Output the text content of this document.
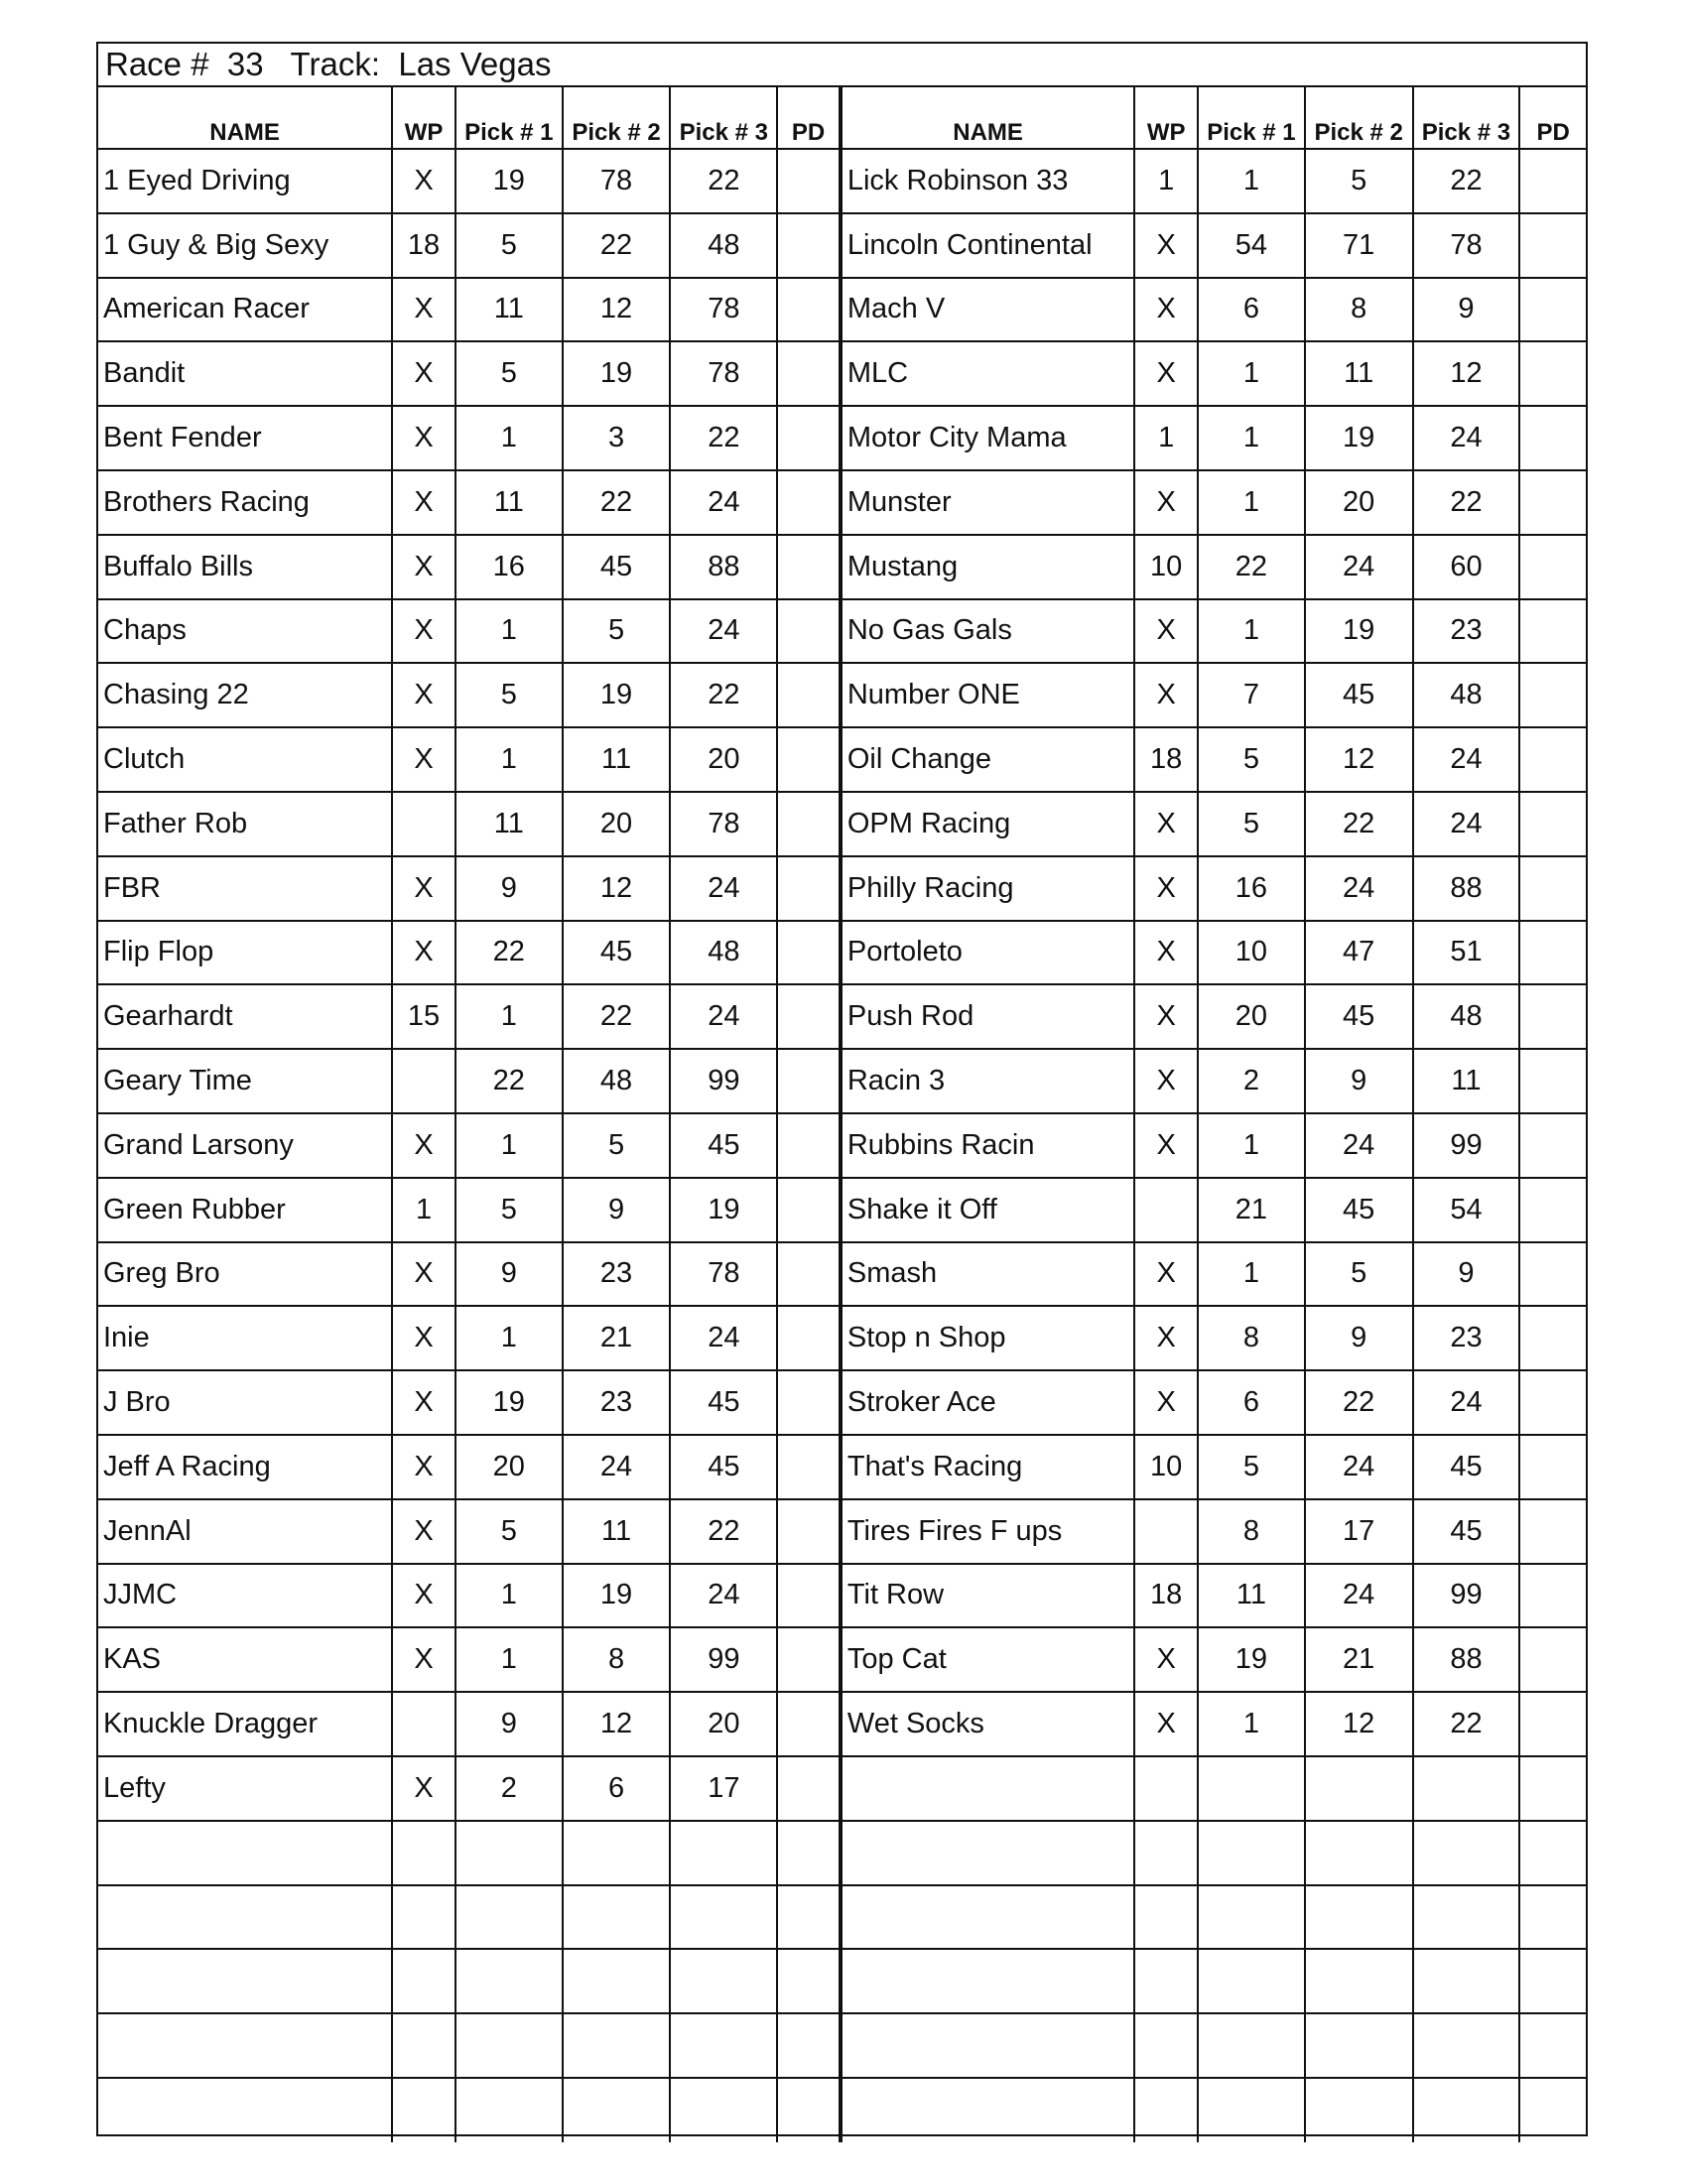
Race # 33 Track: Las Vegas
NAME	WP	Pick # 1	Pick # 2	Pick # 3	PD	NAME	WP	Pick # 1	Pick # 2	Pick # 3	PD
1 Eyed Driving	X	19	78	22		Lick Robinson 33	1	1	5	22	
1 Guy & Big Sexy	18	5	22	48		Lincoln Continental	X	54	71	78	
American Racer	X	11	12	78		Mach V	X	6	8	9	
Bandit	X	5	19	78		MLC	X	1	11	12	
Bent Fender	X	1	3	22		Motor City Mama	1	1	19	24	
Brothers Racing	X	11	22	24		Munster	X	1	20	22	
Buffalo Bills	X	16	45	88		Mustang	10	22	24	60	
Chaps	X	1	5	24		No Gas Gals	X	1	19	23	
Chasing 22	X	5	19	22		Number ONE	X	7	45	48	
Clutch	X	1	11	20		Oil Change	18	5	12	24	
Father Rob		11	20	78		OPM Racing	X	5	22	24	
FBR	X	9	12	24		Philly Racing	X	16	24	88	
Flip Flop	X	22	45	48		Portoleto	X	10	47	51	
Gearhardt	15	1	22	24		Push Rod	X	20	45	48	
Geary Time		22	48	99		Racin 3	X	2	9	11	
Grand Larsony	X	1	5	45		Rubbins Racin	X	1	24	99	
Green Rubber	1	5	9	19		Shake it Off		21	45	54	
Greg Bro	X	9	23	78		Smash	X	1	5	9	
Inie	X	1	21	24		Stop n Shop	X	8	9	23	
J Bro	X	19	23	45		Stroker Ace	X	6	22	24	
Jeff A Racing	X	20	24	45		That's Racing	10	5	24	45	
JennAl	X	5	11	22		Tires Fires F ups		8	17	45	
JJMC	X	1	19	24		Tit Row	18	11	24	99	
KAS	X	1	8	99		Top Cat	X	19	21	88	
Knuckle Dragger		9	12	20		Wet Socks	X	1	12	22	
Lefty	X	2	6	17							
